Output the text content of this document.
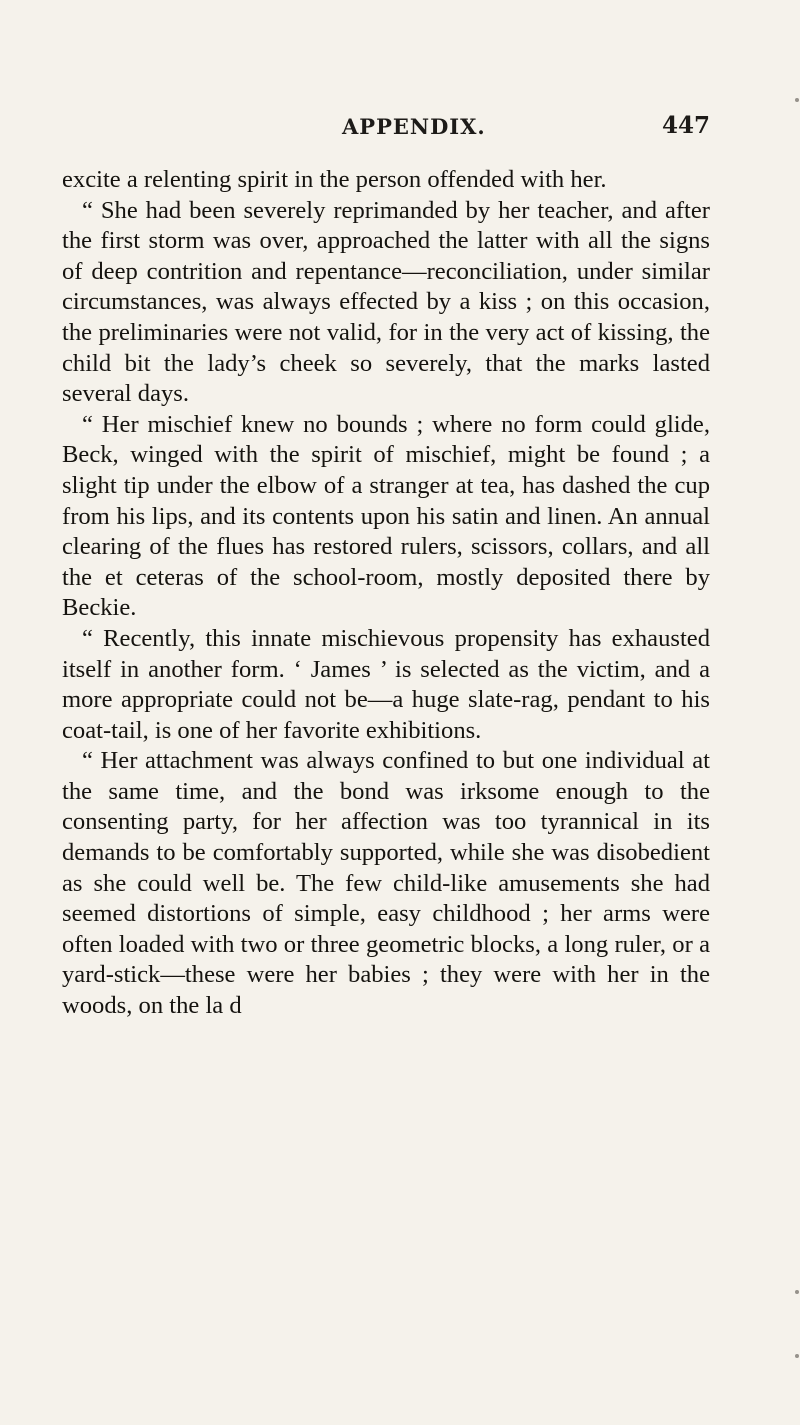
APPENDIX.	447

excite a relenting spirit in the person offended with her.

“ She had been severely reprimanded by her teacher, and after the first storm was over, approached the latter with all the signs of deep contrition and repentance—reconciliation, under similar circumstances, was always effected by a kiss ; on this occasion, the preliminaries were not valid, for in the very act of kissing, the child bit the lady’s cheek so severely, that the marks lasted several days.

“ Her mischief knew no bounds ; where no form could glide, Beck, winged with the spirit of mischief, might be found ; a slight tip under the elbow of a stranger at tea, has dashed the cup from his lips, and its contents upon his satin and linen. An annual clearing of the flues has restored rulers, scissors, collars, and all the et ceteras of the school-room, mostly deposited there by Beckie.

“ Recently, this innate mischievous propensity has exhausted itself in another form. ‘ James ’ is selected as the victim, and a more appropriate could not be—a huge slate-rag, pendant to his coat-tail, is one of her favorite exhibitions.

“ Her attachment was always confined to but one individual at the same time, and the bond was irksome enough to the consenting party, for her affection was too tyrannical in its demands to be comfortably supported, while she was disobedient as she could well be. The few child-like amusements she had seemed distortions of simple, easy childhood ; her arms were often loaded with two or three geometric blocks, a long ruler, or a yard-stick—these were her babies ; they were with her in the woods, on the la d
